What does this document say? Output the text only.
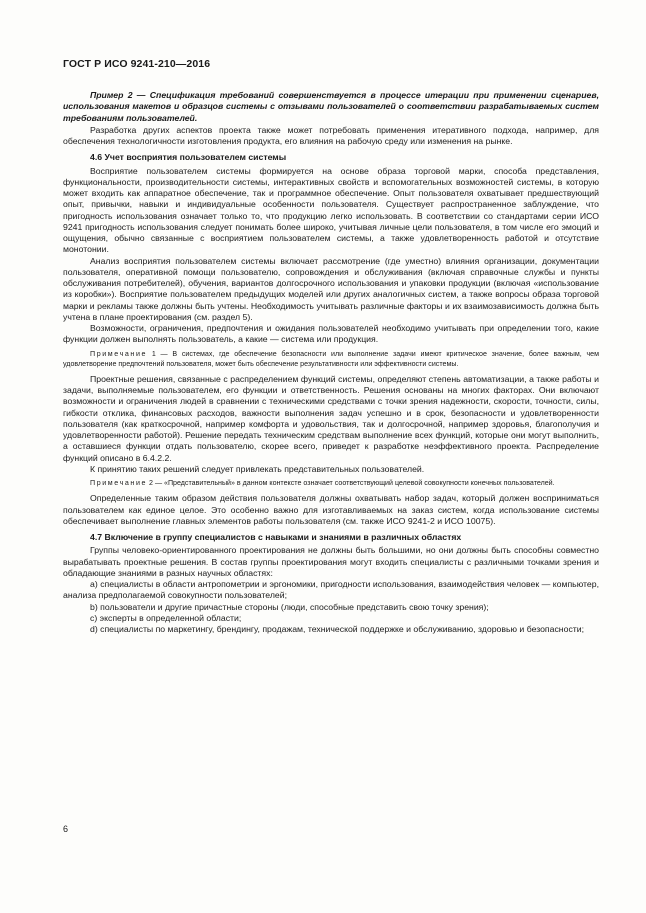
ГОСТ Р ИСО 9241-210—2016

Пример 2 — Спецификация требований совершенствуется в процессе итерации при применении сценариев, использования макетов и образцов системы с отзывами пользователей о соответствии разрабатываемых систем требованиям пользователей.

Разработка других аспектов проекта также может потребовать применения итеративного подхода, например, для обеспечения технологичности изготовления продукта, его влияния на рабочую среду или изменения на рынке.

4.6 Учет восприятия пользователем системы

Восприятие пользователем системы формируется на основе образа торговой марки, способа представления, функциональности, производительности системы, интерактивных свойств и вспомогательных возможностей системы, в которую может входить как аппаратное обеспечение, так и программное обеспечение. Опыт пользователя охватывает предшествующий опыт, привычки, навыки и индивидуальные особенности пользователя. Существует распространенное заблуждение, что пригодность использования означает только то, что продукцию легко использовать. В соответствии со стандартами серии ИСО 9241 пригодность использования следует понимать более широко, учитывая личные цели пользователя, в том числе его эмоций и ощущения, обычно связанные с восприятием пользователем системы, а также удовлетворенность работой и отсутствие монотонии.

Анализ восприятия пользователем системы включает рассмотрение (где уместно) влияния организации, документации пользователя, оперативной помощи пользователю, сопровождения и обслуживания (включая справочные службы и пункты обслуживания потребителей), обучения, вариантов долгосрочного использования и упаковки продукции (включая «использование из коробки»). Восприятие пользователем предыдущих моделей или других аналогичных систем, а также вопросы образа торговой марки и рекламы также должны быть учтены. Необходимость учитывать различные факторы и их взаимозависимость должна быть учтена в плане проектирования (см. раздел 5).

Возможности, ограничения, предпочтения и ожидания пользователей необходимо учитывать при определении того, какие функции должен выполнять пользователь, а какие — система или продукция.

Примечание 1 — В системах, где обеспечение безопасности или выполнение задачи имеют критическое значение, более важным, чем удовлетворение предпочтений пользователя, может быть обеспечение результативности или эффективности системы.

Проектные решения, связанные с распределением функций системы, определяют степень автоматизации, а также работы и задачи, выполняемые пользователем, его функции и ответственность. Решения основаны на многих факторах. Они включают возможности и ограничения людей в сравнении с техническими средствами с точки зрения надежности, скорости, точности, силы, гибкости отклика, финансовых расходов, важности выполнения задач успешно и в срок, безопасности и удовлетворенности пользователя (как краткосрочной, например комфорта и удовольствия, так и долгосрочной, например здоровья, благополучия и удовлетворенности работой). Решение передать техническим средствам выполнение всех функций, которые они могут выполнить, а оставшиеся функции отдать пользователю, скорее всего, приведет к разработке неэффективного проекта. Распределение функций описано в 6.4.2.2.

К принятию таких решений следует привлекать представительных пользователей.

Примечание 2 — «Представительный» в данном контексте означает соответствующий целевой совокупности конечных пользователей.

Определенные таким образом действия пользователя должны охватывать набор задач, который должен восприниматься пользователем как единое целое. Это особенно важно для изготавливаемых на заказ систем, когда использование системы обеспечивает выполнение главных элементов работы пользователя (см. также ИСО 9241-2 и ИСО 10075).

4.7 Включение в группу специалистов с навыками и знаниями в различных областях

Группы человеко-ориентированного проектирования не должны быть большими, но они должны быть способны совместно вырабатывать проектные решения. В состав группы проектирования могут входить специалисты с различными точками зрения и обладающие знаниями в разных научных областях:

a) специалисты в области антропометрии и эргономики, пригодности использования, взаимодействия человек — компьютер, анализа предполагаемой совокупности пользователей;

b) пользователи и другие причастные стороны (люди, способные представить свою точку зрения);

c) эксперты в определенной области;

d) специалисты по маркетингу, брендингу, продажам, технической поддержке и обслуживанию, здоровью и безопасности;

6
